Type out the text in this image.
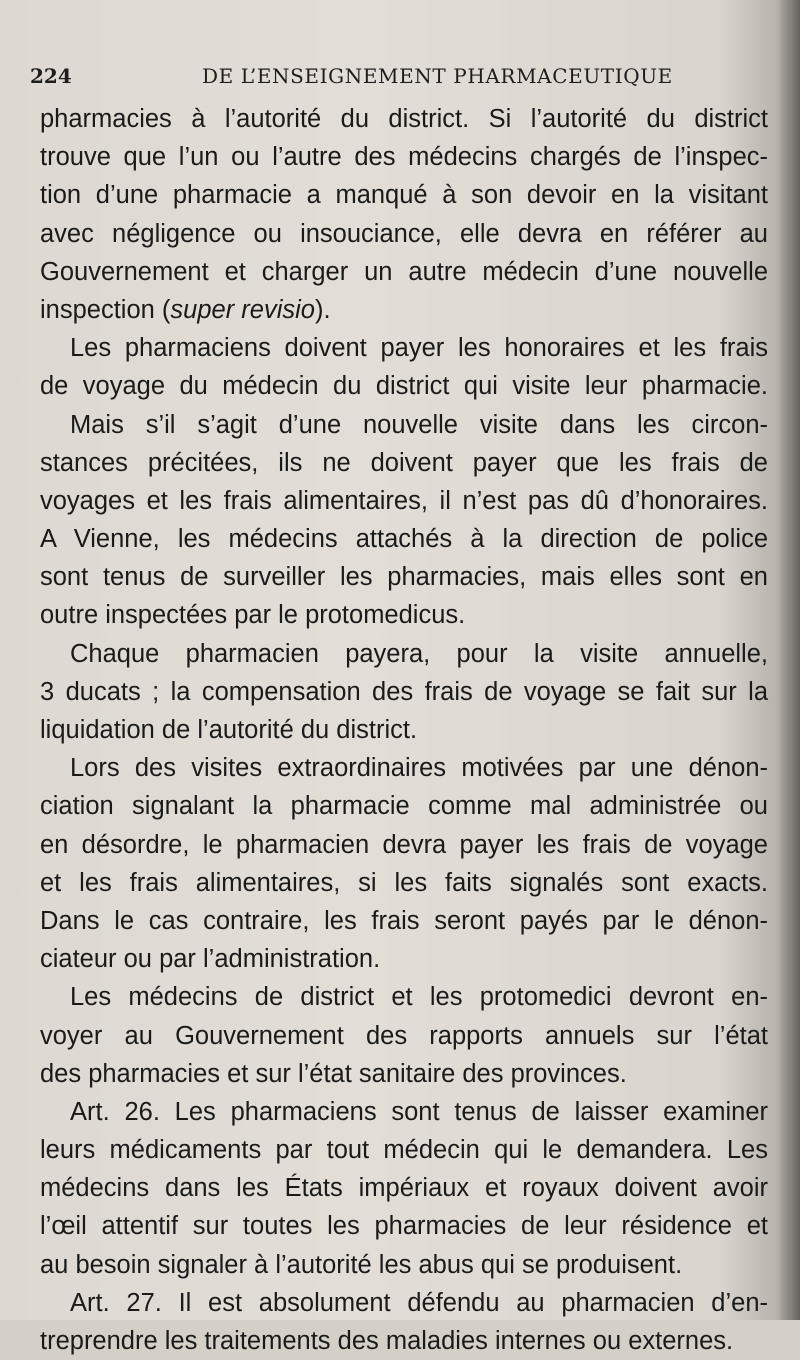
224	DE L’ENSEIGNEMENT PHARMACEUTIQUE
pharmacies à l’autorité du district. Si l’autorité du district
trouve que l’un ou l’autre des médecins chargés de l’inspec-
tion d’une pharmacie a manqué à son devoir en la visitant
avec négligence ou insouciance, elle devra en référer au
Gouvernement et charger un autre médecin d’une nouvelle
inspection (super revisio).
Les pharmaciens doivent payer les honoraires et les frais
de voyage du médecin du district qui visite leur pharmacie.
Mais s’il s’agit d’une nouvelle visite dans les circon-
stances précitées, ils ne doivent payer que les frais de
voyages et les frais alimentaires, il n’est pas dû d’honoraires.
A Vienne, les médecins attachés à la direction de police
sont tenus de surveiller les pharmacies, mais elles sont en
outre inspectées par le protomedicus.
Chaque pharmacien payera, pour la visite annuelle,
3 ducats ; la compensation des frais de voyage se fait sur la
liquidation de l’autorité du district.
Lors des visites extraordinaires motivées par une dénon-
ciation signalant la pharmacie comme mal administrée ou
en désordre, le pharmacien devra payer les frais de voyage
et les frais alimentaires, si les faits signalés sont exacts.
Dans le cas contraire, les frais seront payés par le dénon-
ciateur ou par l’administration.
Les médecins de district et les protomedici devront en-
voyer au Gouvernement des rapports annuels sur l’état
des pharmacies et sur l’état sanitaire des provinces.
Art. 26. Les pharmaciens sont tenus de laisser examiner
leurs médicaments par tout médecin qui le demandera. Les
médecins dans les États impériaux et royaux doivent avoir
l’œil attentif sur toutes les pharmacies de leur résidence et
au besoin signaler à l’autorité les abus qui se produisent.
Art. 27. Il est absolument défendu au pharmacien d’en-
treprendre les traitements des maladies internes ou externes.
